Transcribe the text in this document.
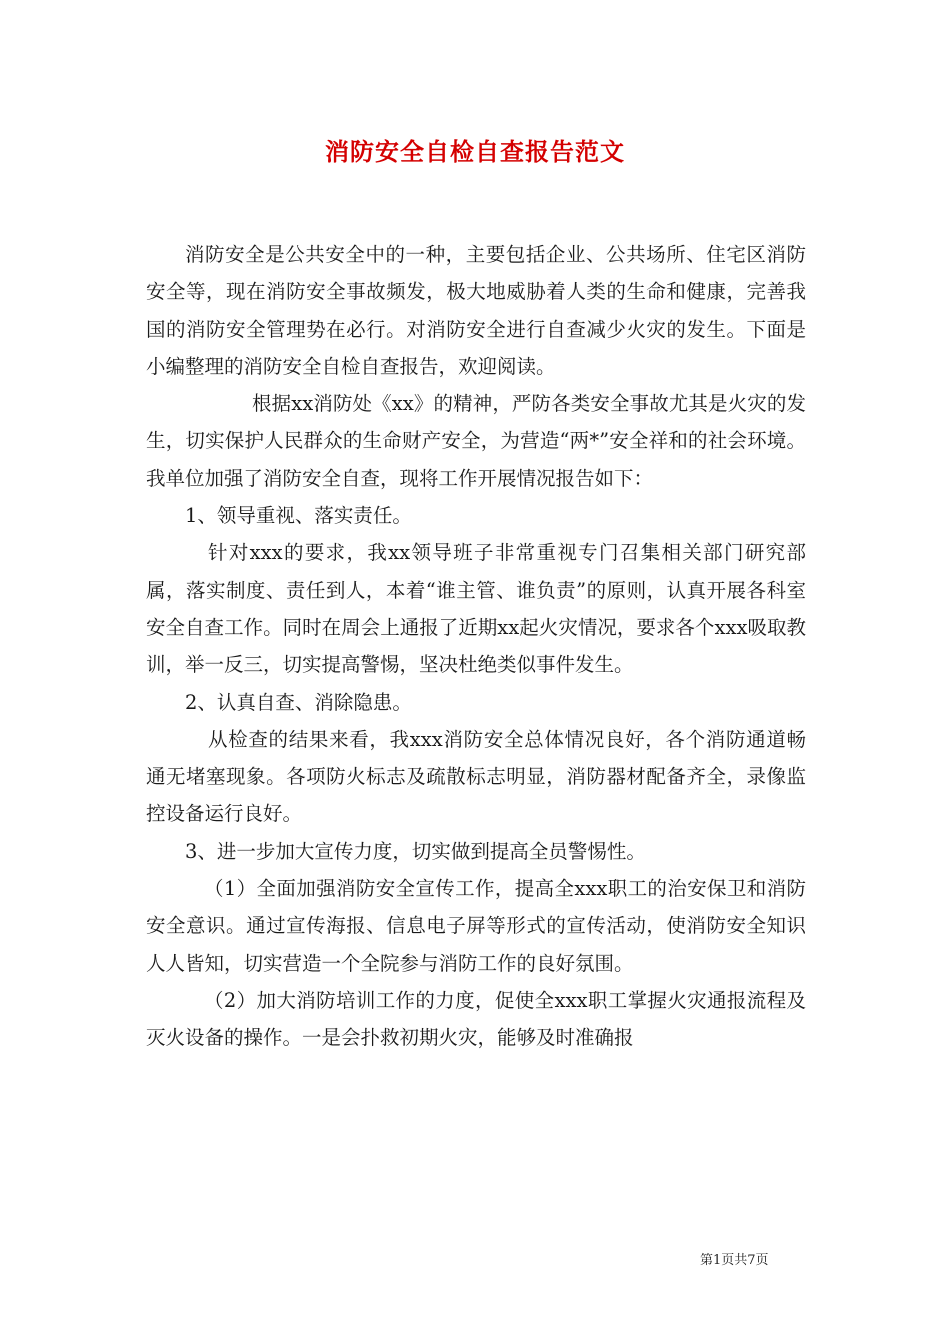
消防安全自检自查报告范文

消防安全是公共安全中的一种，主要包括企业、公共场所、住宅区消防安全等，现在消防安全事故频发，极大地威胁着人类的生命和健康，完善我国的消防安全管理势在必行。对消防安全进行自查减少火灾的发生。下面是小编整理的消防安全自检自查报告，欢迎阅读。

根据xx消防处《xx》的精神，严防各类安全事故尤其是火灾的发生，切实保护人民群众的生命财产安全，为营造“两*”安全祥和的社会环境。我单位加强了消防安全自查，现将工作开展情况报告如下：

1、领导重视、落实责任。

针对xxx的要求，我xx领导班子非常重视专门召集相关部门研究部属，落实制度、责任到人，本着“谁主管、谁负责”的原则，认真开展各科室安全自查工作。同时在周会上通报了近期xx起火灾情况，要求各个xxx吸取教训，举一反三，切实提高警惕，坚决杜绝类似事件发生。

2、认真自查、消除隐患。

从检查的结果来看，我xxx消防安全总体情况良好，各个消防通道畅通无堵塞现象。各项防火标志及疏散标志明显，消防器材配备齐全，录像监控设备运行良好。

3、进一步加大宣传力度，切实做到提高全员警惕性。

（1）全面加强消防安全宣传工作，提高全xxx职工的治安保卫和消防安全意识。通过宣传海报、信息电子屏等形式的宣传活动，使消防安全知识人人皆知，切实营造一个全院参与消防工作的良好氛围。

（2）加大消防培训工作的力度，促使全xxx职工掌握火灾通报流程及灭火设备的操作。一是会扑救初期火灾，能够及时准确报

第1页共7页
